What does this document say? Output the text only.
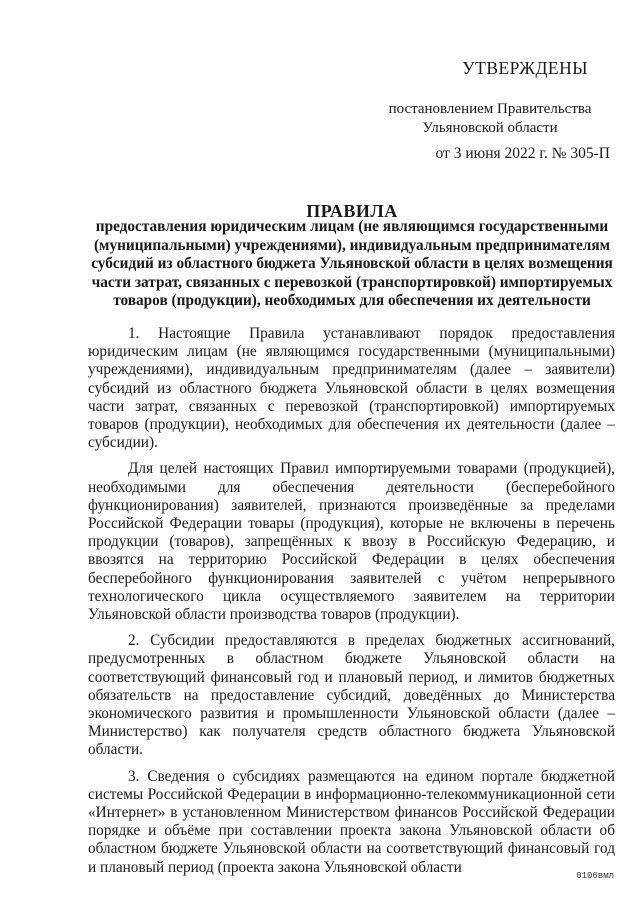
УТВЕРЖДЕНЫ
постановлением Правительства
Ульяновской области
от 3 июня 2022 г. № 305-П
ПРАВИЛА
предоставления юридическим лицам (не являющимся государственными (муниципальными) учреждениями), индивидуальным предпринимателям субсидий из областного бюджета Ульяновской области в целях возмещения части затрат, связанных с перевозкой (транспортировкой) импортируемых товаров (продукции), необходимых для обеспечения их деятельности

1. Настоящие Правила устанавливают порядок предоставления юридическим лицам (не являющимся государственными (муниципальными) учреждениями), индивидуальным предпринимателям (далее – заявители) субсидий из областного бюджета Ульяновской области в целях возмещения части затрат, связанных с перевозкой (транспортировкой) импортируемых товаров (продукции), необходимых для обеспечения их деятельности (далее – субсидии).

Для целей настоящих Правил импортируемыми товарами (продукцией), необходимыми для обеспечения деятельности (бесперебойного функционирования) заявителей, признаются произведённые за пределами Российской Федерации товары (продукция), которые не включены в перечень продукции (товаров), запрещённых к ввозу в Российскую Федерацию, и ввозятся на территорию Российской Федерации в целях обеспечения бесперебойного функционирования заявителей с учётом непрерывного технологического цикла осуществляемого заявителем на территории Ульяновской области производства товаров (продукции).

2. Субсидии предоставляются в пределах бюджетных ассигнований, предусмотренных в областном бюджете Ульяновской области на соответствующий финансовый год и плановый период, и лимитов бюджетных обязательств на предоставление субсидий, доведённых до Министерства экономического развития и промышленности Ульяновской области (далее – Министерство) как получателя средств областного бюджета Ульяновской области.

3. Сведения о субсидиях размещаются на едином портале бюджетной системы Российской Федерации в информационно-телекоммуникационной сети «Интернет» в установленном Министерством финансов Российской Федерации порядке и объёме при составлении проекта закона Ульяновской области об областном бюджете Ульяновской области на соответствующий финансовый год и плановый период (проекта закона Ульяновской области

0106вмл
